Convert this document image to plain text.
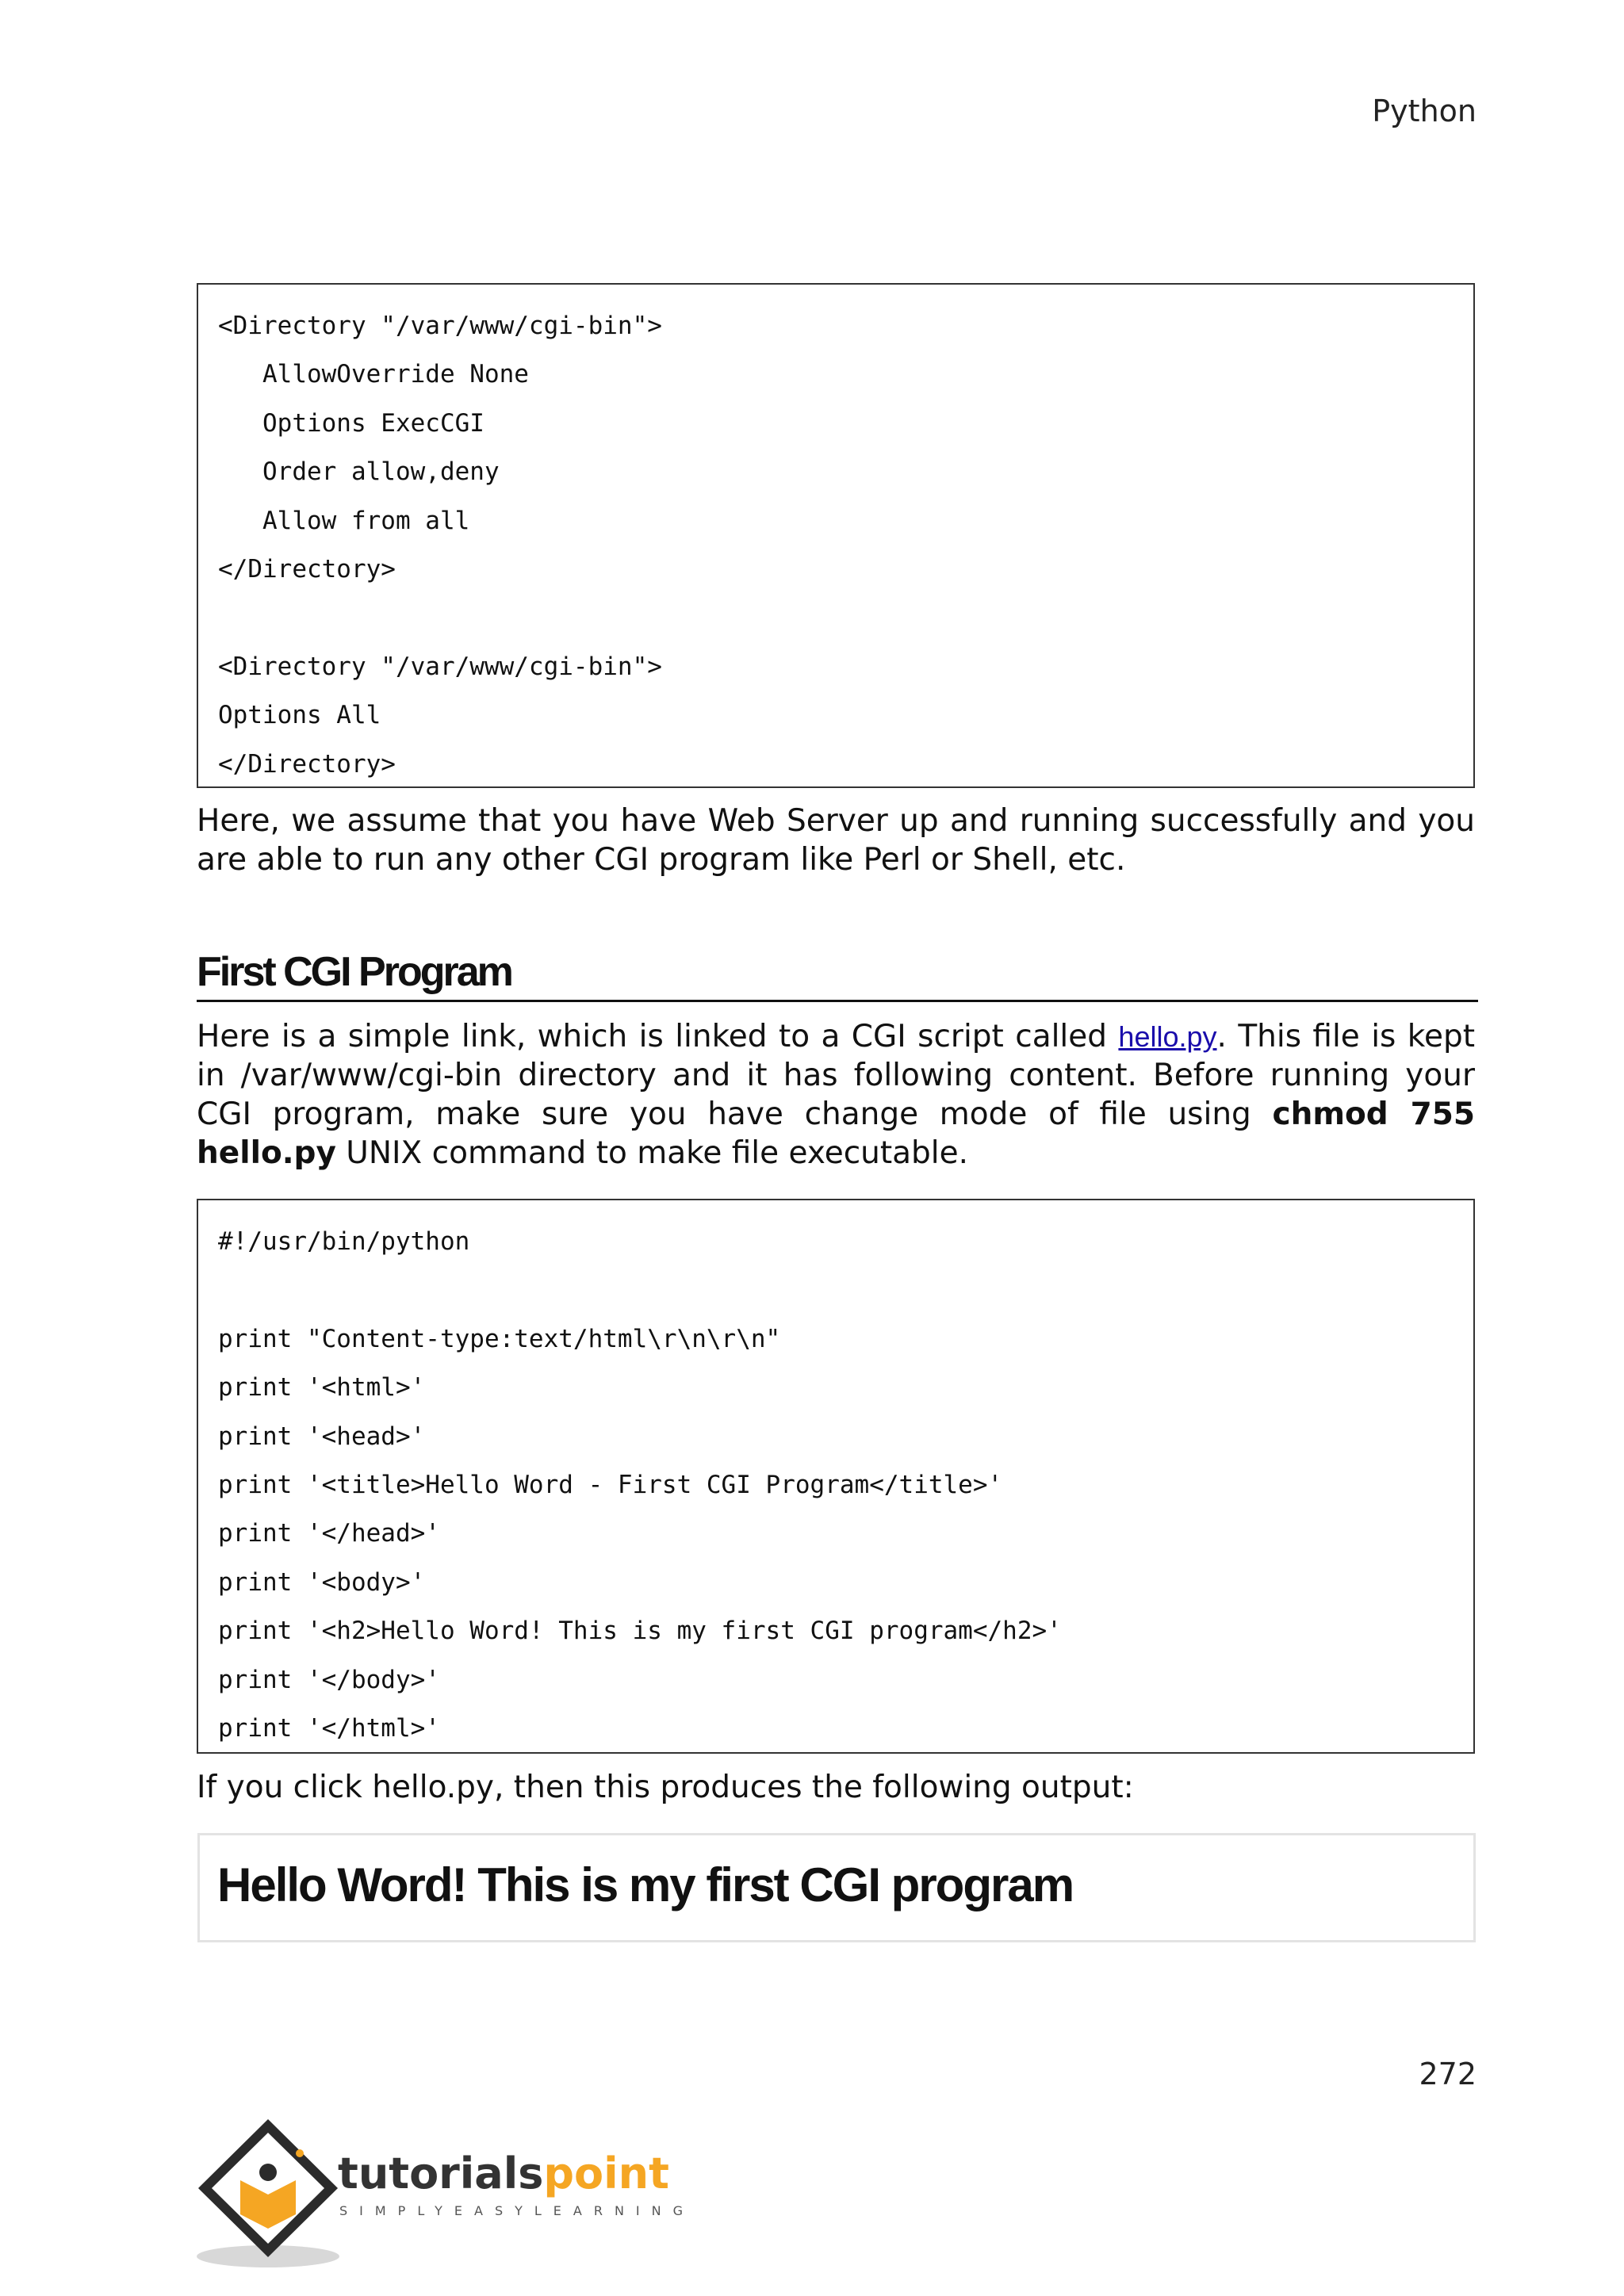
Python
<Directory "/var/www/cgi-bin">
AllowOverride None
Options ExecCGI
Order allow,deny
Allow from all
</Directory>
<Directory "/var/www/cgi-bin">
Options All
</Directory>
Here, we assume that you have Web Server up and running successfully and you are able to run any other CGI program like Perl or Shell, etc.
First CGI Program
Here is a simple link, which is linked to a CGI script called hello.py. This file is kept in /var/www/cgi-bin directory and it has following content. Before running your CGI program, make sure you have change mode of file using chmod 755 hello.py UNIX command to make file executable.
#!/usr/bin/python
print "Content-type:text/html\r\n\r\n"
print '<html>'
print '<head>'
print '<title>Hello Word - First CGI Program</title>'
print '</head>'
print '<body>'
print '<h2>Hello Word! This is my first CGI program</h2>'
print '</body>'
print '</html>'
If you click hello.py, then this produces the following output:
Hello Word! This is my first CGI program
272
tutorialspoint
SIMPLYEASYLEARNING
